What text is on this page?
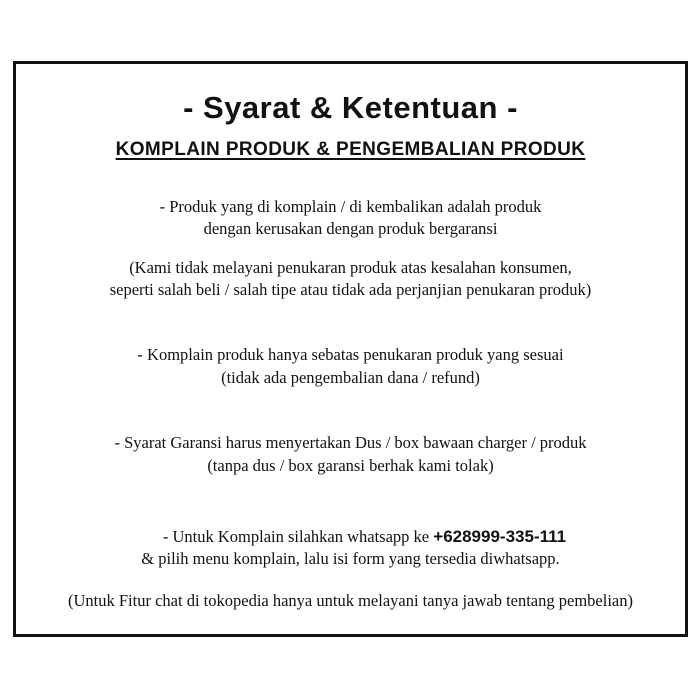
- Syarat & Ketentuan -
KOMPLAIN PRODUK & PENGEMBALIAN PRODUK
- Produk yang di komplain / di kembalikan adalah produk
dengan kerusakan dengan produk bergaransi
(Kami tidak melayani penukaran produk atas kesalahan konsumen,
seperti salah beli / salah tipe atau tidak ada perjanjian penukaran produk)
- Komplain produk hanya sebatas penukaran produk yang sesuai
(tidak ada pengembalian dana / refund)
- Syarat Garansi harus menyertakan Dus / box bawaan charger / produk
(tanpa dus / box garansi berhak kami tolak)
- Untuk Komplain silahkan whatsapp ke +628999-335-111
& pilih menu komplain, lalu isi form yang tersedia diwhatsapp.
(Untuk Fitur chat di tokopedia hanya untuk melayani tanya jawab tentang pembelian)
